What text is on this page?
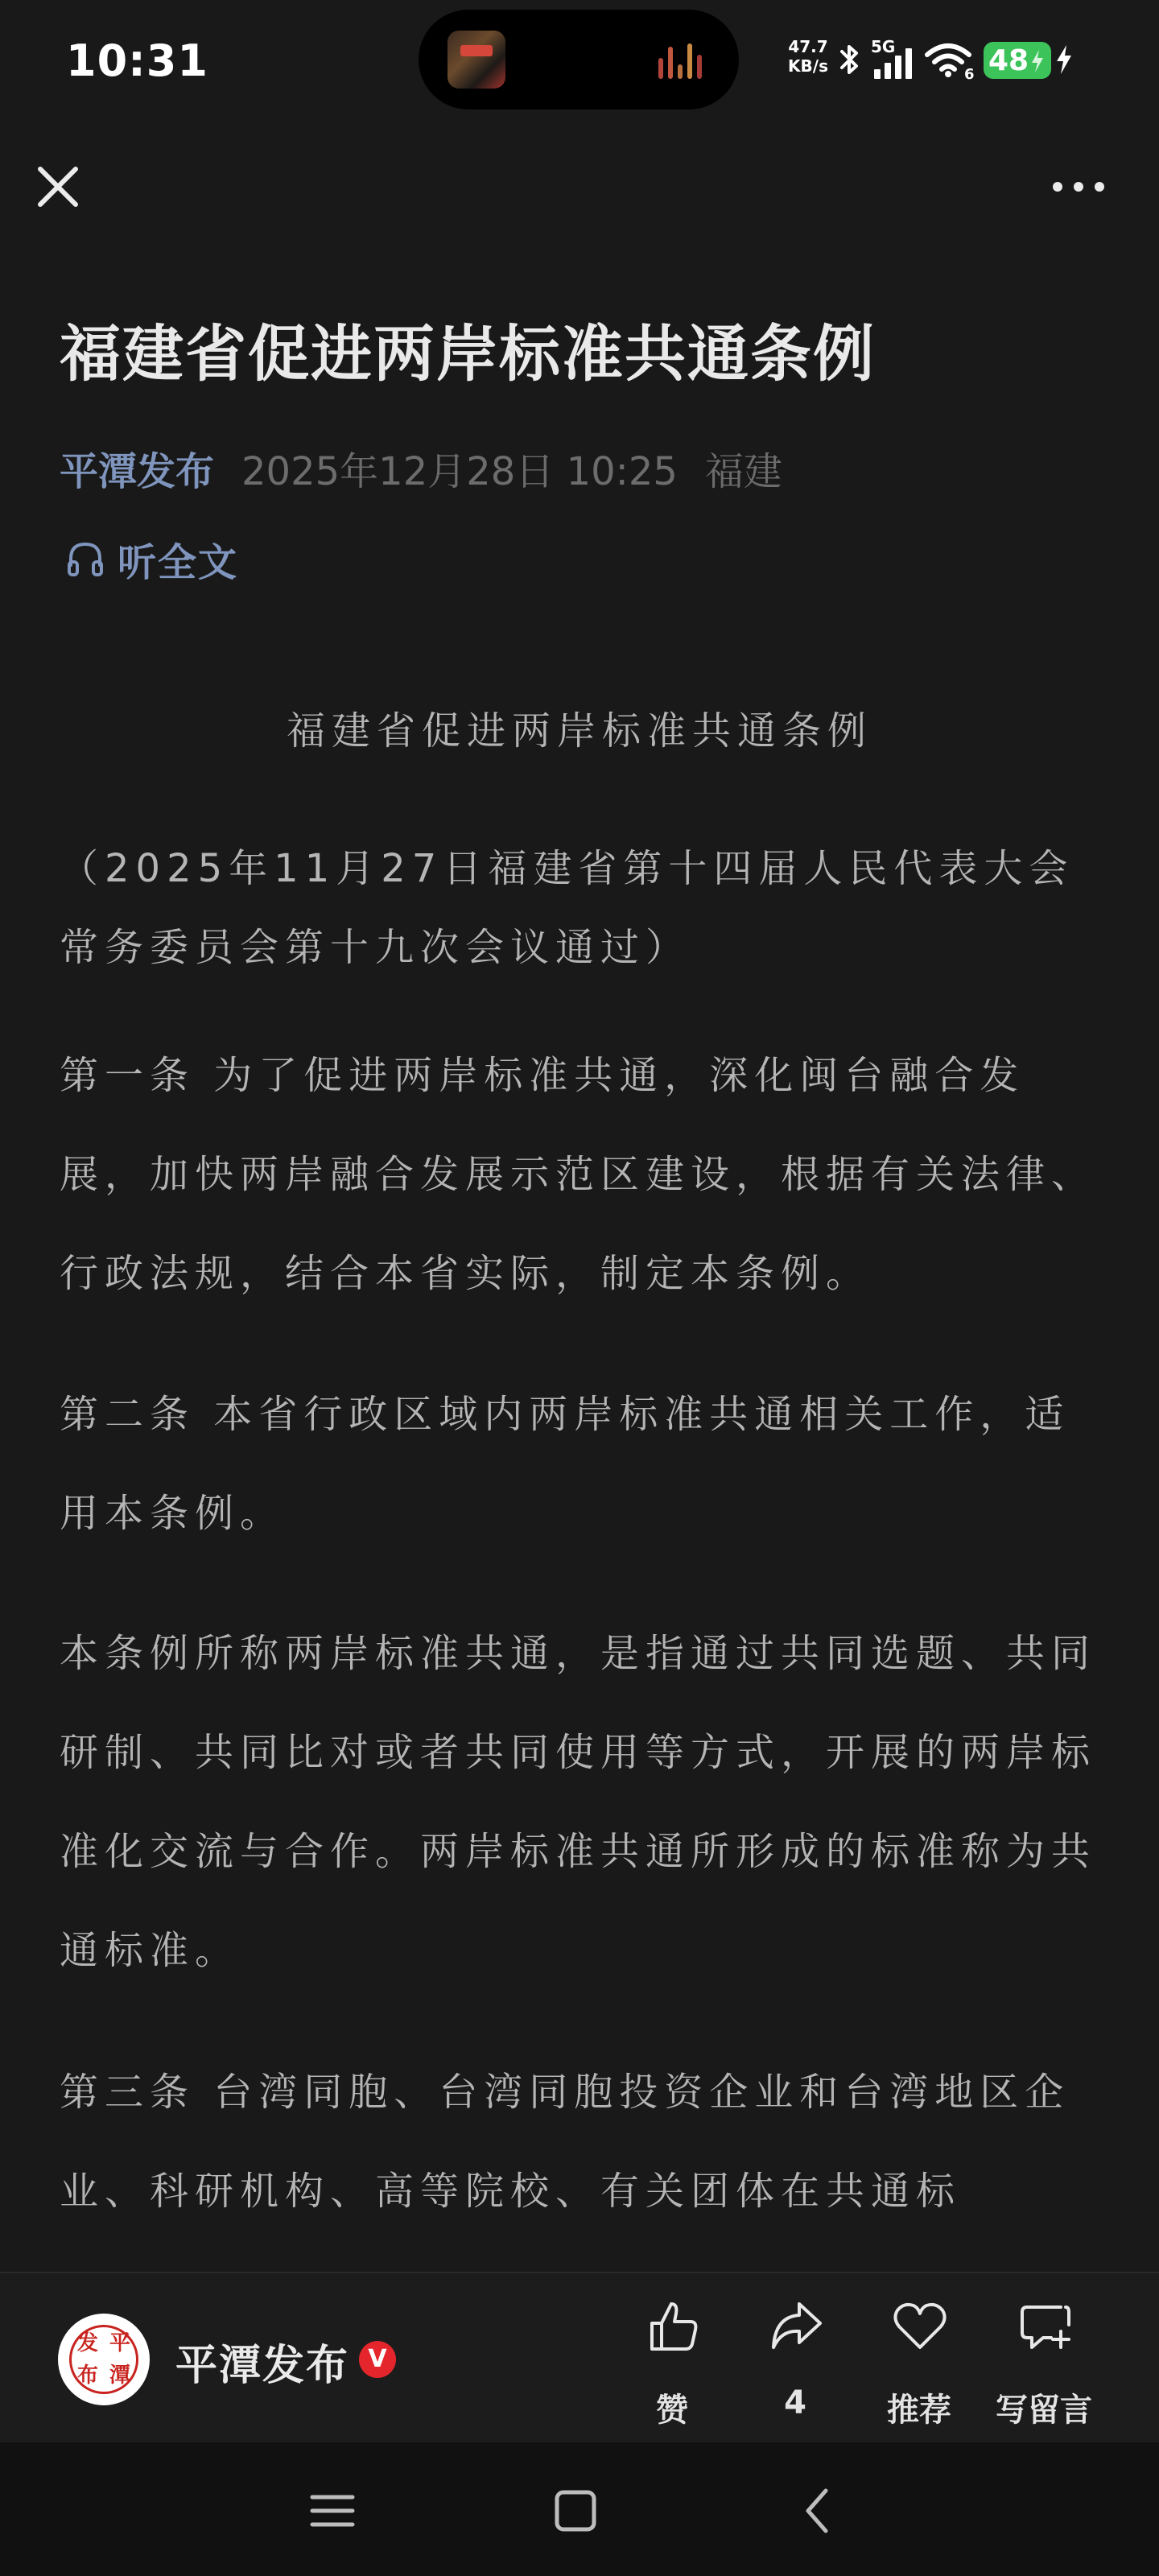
10:31	47.7
KB/s
5G
6 48
福建省促进两岸标准共通条例
平潭发布 2025年12月28日 10:25 福建
听全文
福建省促进两岸标准共通条例
（2025年11月27日福建省第十四届人民代表大会常务委员会第十九次会议通过）
第一条 为了促进两岸标准共通，深化闽台融合发展，加快两岸融合发展示范区建设，根据有关法律、行政法规，结合本省实际，制定本条例。
第二条 本省行政区域内两岸标准共通相关工作，适用本条例。
本条例所称两岸标准共通，是指通过共同选题、共同研制、共同比对或者共同使用等方式，开展的两岸标准化交流与合作。两岸标准共通所形成的标准称为共通标准。
第三条 台湾同胞、台湾同胞投资企业和台湾地区企业、科研机构、高等院校、有关团体在共通标
发 平
布 潭 平潭发布 V
赞	4	推荐	写留言
